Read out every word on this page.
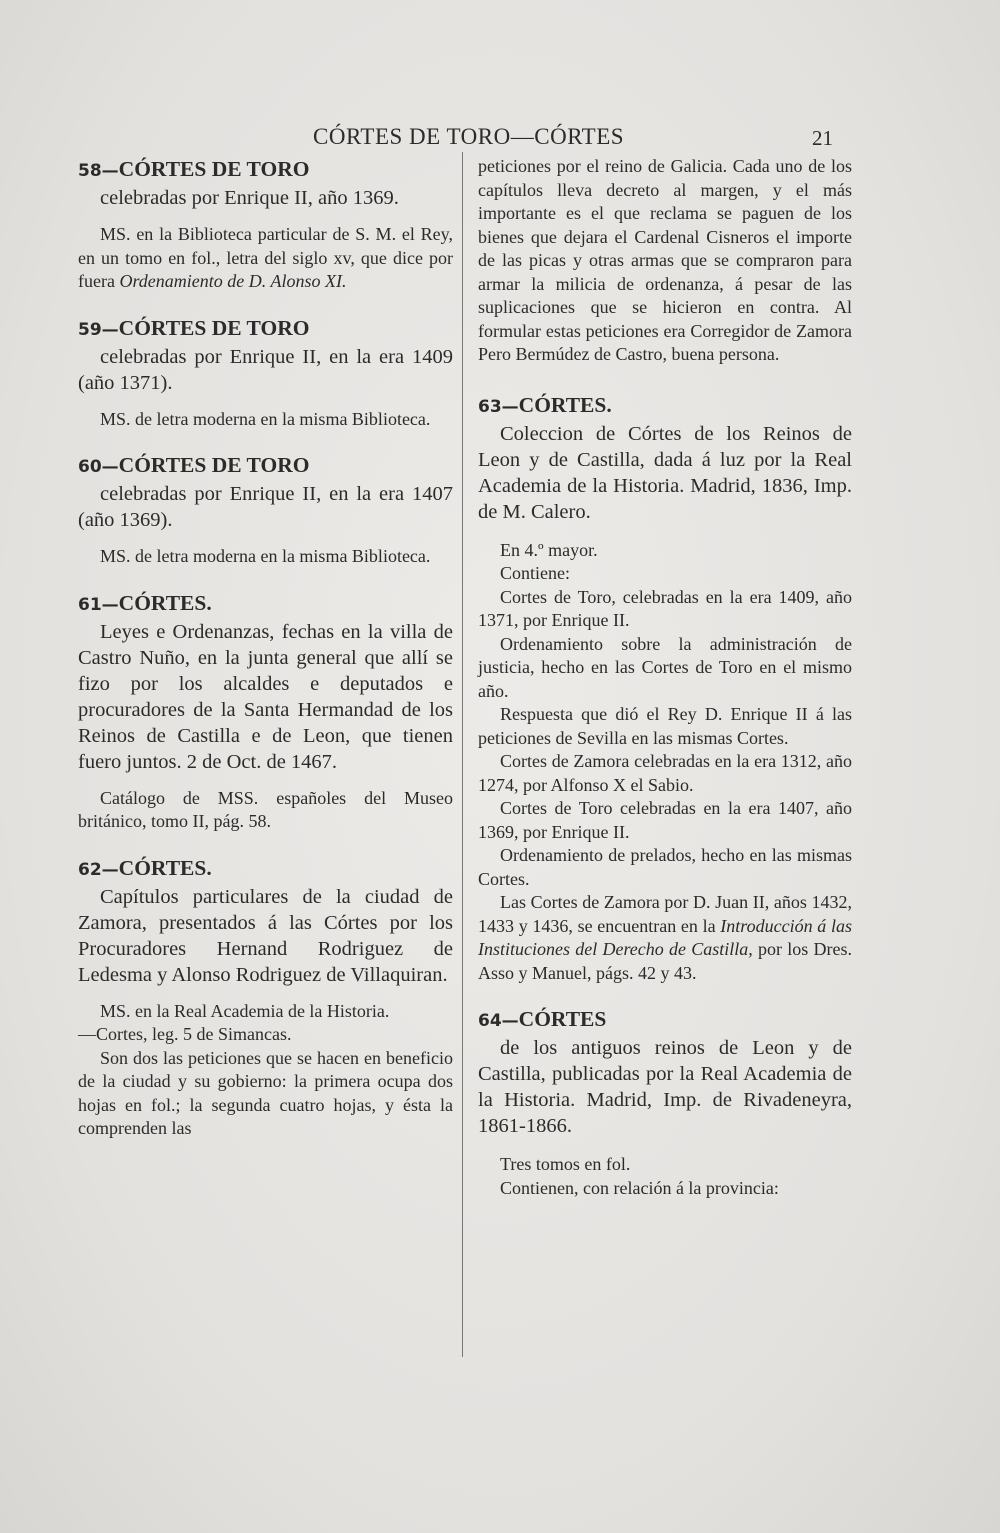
CÓRTES DE TORO—CÓRTES	21
58—CÓRTES DE TORO

celebradas por Enrique II, año 1369.

MS. en la Biblioteca particular de S. M. el Rey, en un tomo en fol., letra del siglo xv, que dice por fuera Ordenamiento de D. Alonso XI.
59—CÓRTES DE TORO

celebradas por Enrique II, en la era 1409 (año 1371).

MS. de letra moderna en la misma Biblioteca.
60—CÓRTES DE TORO

celebradas por Enrique II, en la era 1407 (año 1369).

MS. de letra moderna en la misma Biblioteca.
61—CÓRTES.

Leyes e Ordenanzas, fechas en la villa de Castro Nuño, en la junta general que allí se fizo por los alcaldes e deputados e procuradores de la Santa Hermandad de los Reinos de Castilla e de Leon, que tienen fuero juntos. 2 de Oct. de 1467.

Catálogo de MSS. españoles del Museo británico, tomo II, pág. 58.
62—CÓRTES.

Capítulos particulares de la ciudad de Zamora, presentados á las Córtes por los Procuradores Hernand Rodriguez de Ledesma y Alonso Rodriguez de Villaquiran.

MS. en la Real Academia de la Historia.

—Cortes, leg. 5 de Simancas.

Son dos las peticiones que se hacen en beneficio de la ciudad y su gobierno: la primera ocupa dos hojas en fol.; la segunda cuatro hojas, y ésta la comprenden las

peticiones por el reino de Galicia. Cada uno de los capítulos lleva decreto al margen, y el más importante es el que reclama se paguen de los bienes que dejara el Cardenal Cisneros el importe de las picas y otras armas que se compraron para armar la milicia de ordenanza, á pesar de las suplicaciones que se hicieron en contra. Al formular estas peticiones era Corregidor de Zamora Pero Bermúdez de Castro, buena persona.

63—CÓRTES.

Coleccion de Córtes de los Reinos de Leon y de Castilla, dada á luz por la Real Academia de la Historia. Madrid, 1836, Imp. de M. Calero.

En 4.º mayor.

Contiene:

Cortes de Toro, celebradas en la era 1409, año 1371, por Enrique II.

Ordenamiento sobre la administración de justicia, hecho en las Cortes de Toro en el mismo año.

Respuesta que dió el Rey D. Enrique II á las peticiones de Sevilla en las mismas Cortes.

Cortes de Zamora celebradas en la era 1312, año 1274, por Alfonso X el Sabio.

Cortes de Toro celebradas en la era 1407, año 1369, por Enrique II.

Ordenamiento de prelados, hecho en las mismas Cortes.

Las Cortes de Zamora por D. Juan II, años 1432, 1433 y 1436, se encuentran en la Introducción á las Instituciones del Derecho de Castilla, por los Dres. Asso y Manuel, págs. 42 y 43.

64—CÓRTES

de los antiguos reinos de Leon y de Castilla, publicadas por la Real Academia de la Historia. Madrid, Imp. de Rivadeneyra, 1861-1866.

Tres tomos en fol.

Contienen, con relación á la provincia:
